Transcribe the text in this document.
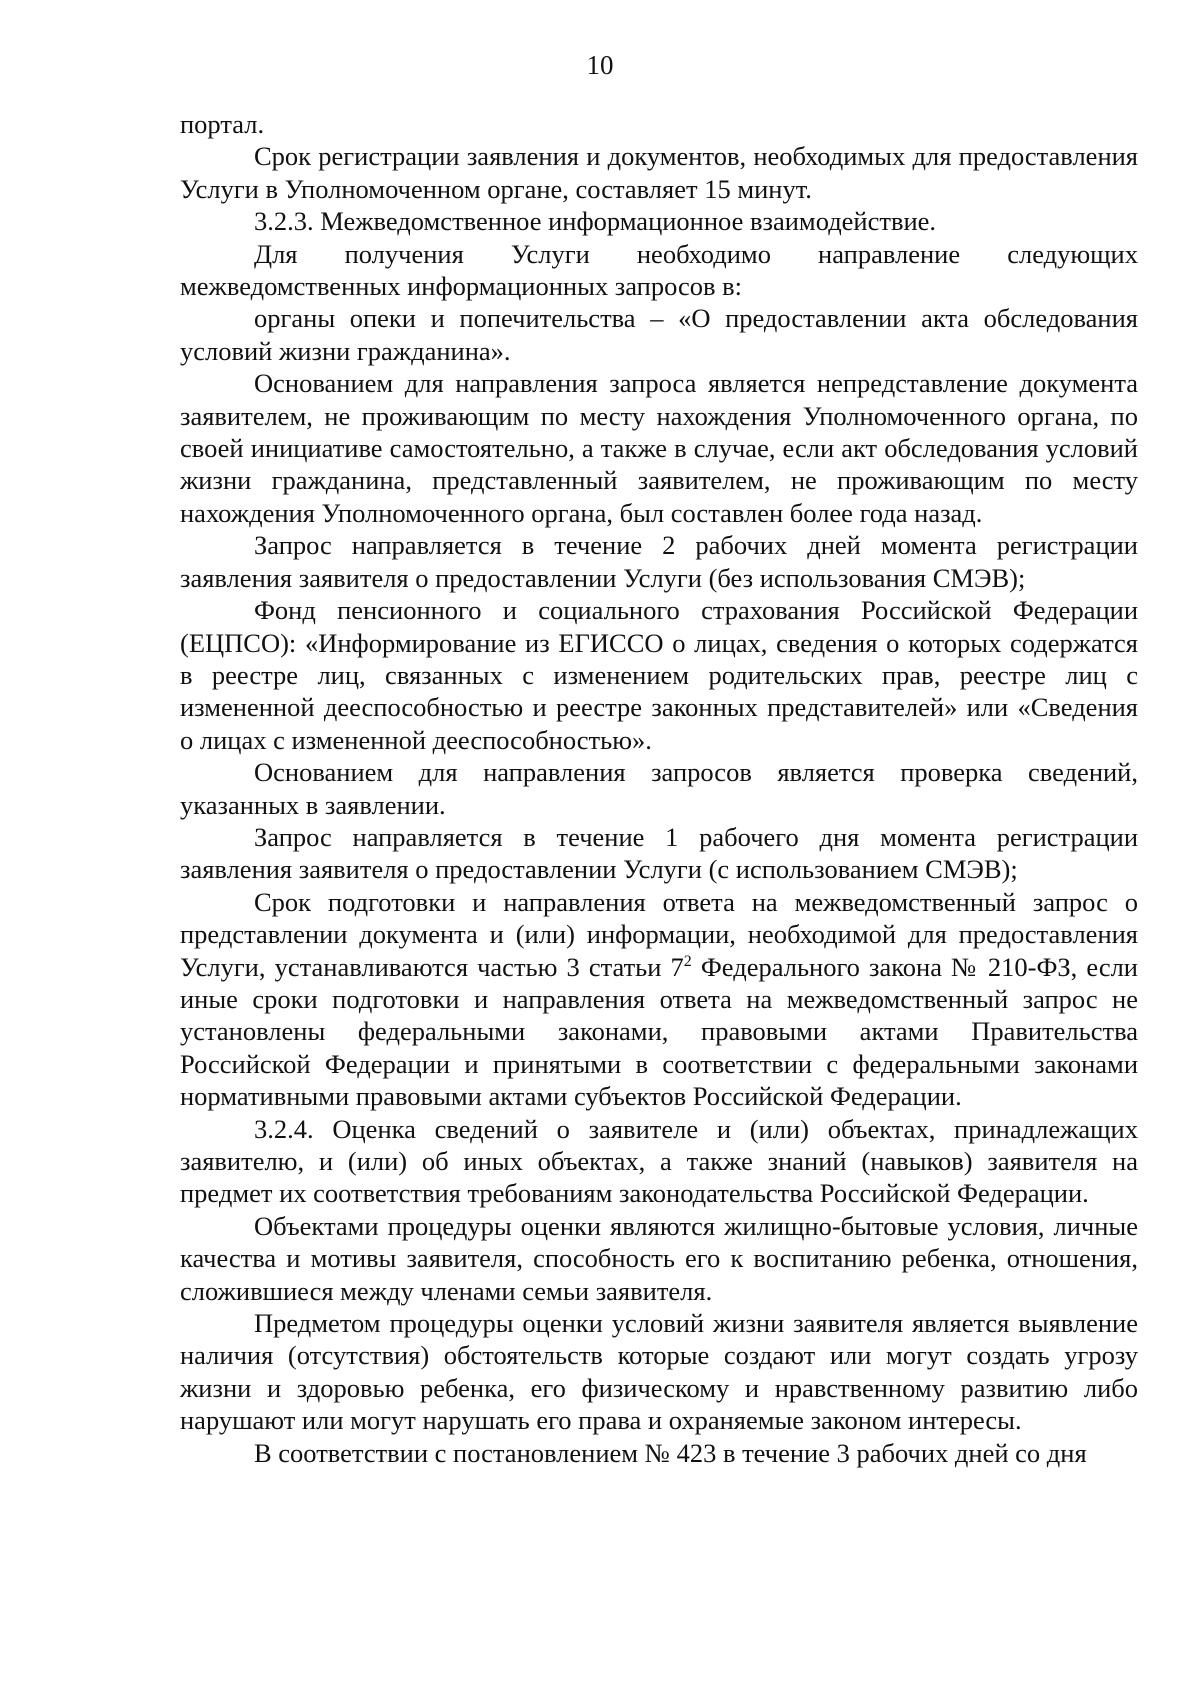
10

портал.

Срок регистрации заявления и документов, необходимых для предоставления Услуги в Уполномоченном органе, составляет 15 минут.

3.2.3. Межведомственное информационное взаимодействие.

Для получения Услуги необходимо направление следующих межведомственных информационных запросов в:

органы опеки и попечительства – «О предоставлении акта обследования условий жизни гражданина».

Основанием для направления запроса является непредставление документа заявителем, не проживающим по месту нахождения Уполномоченного органа, по своей инициативе самостоятельно, а также в случае, если акт обследования условий жизни гражданина, представленный заявителем, не проживающим по месту нахождения Уполномоченного органа, был составлен более года назад.

Запрос направляется в течение 2 рабочих дней момента регистрации заявления заявителя о предоставлении Услуги (без использования СМЭВ);

Фонд пенсионного и социального страхования Российской Федерации (ЕЦПСО): «Информирование из ЕГИССО о лицах, сведения о которых содержатся в реестре лиц, связанных с изменением родительских прав, реестре лиц с измененной дееспособностью и реестре законных представителей» или «Сведения о лицах с измененной дееспособностью».

Основанием для направления запросов является проверка сведений, указанных в заявлении.

Запрос направляется в течение 1 рабочего дня момента регистрации заявления заявителя о предоставлении Услуги (с использованием СМЭВ);

Срок подготовки и направления ответа на межведомственный запрос о представлении документа и (или) информации, необходимой для предоставления Услуги, устанавливаются частью 3 статьи $7^2$ Федерального закона № 210-ФЗ, если иные сроки подготовки и направления ответа на межведомственный запрос не установлены федеральными законами, правовыми актами Правительства Российской Федерации и принятыми в соответствии с федеральными законами нормативными правовыми актами субъектов Российской Федерации.

3.2.4. Оценка сведений о заявителе и (или) объектах, принадлежащих заявителю, и (или) об иных объектах, а также знаний (навыков) заявителя на предмет их соответствия требованиям законодательства Российской Федерации.

Объектами процедуры оценки являются жилищно-бытовые условия, личные качества и мотивы заявителя, способность его к воспитанию ребенка, отношения, сложившиеся между членами семьи заявителя.

Предметом процедуры оценки условий жизни заявителя является выявление наличия (отсутствия) обстоятельств которые создают или могут создать угрозу жизни и здоровью ребенка, его физическому и нравственному развитию либо нарушают или могут нарушать его права и охраняемые законом интересы.

В соответствии с постановлением № 423 в течение 3 рабочих дней со дня
